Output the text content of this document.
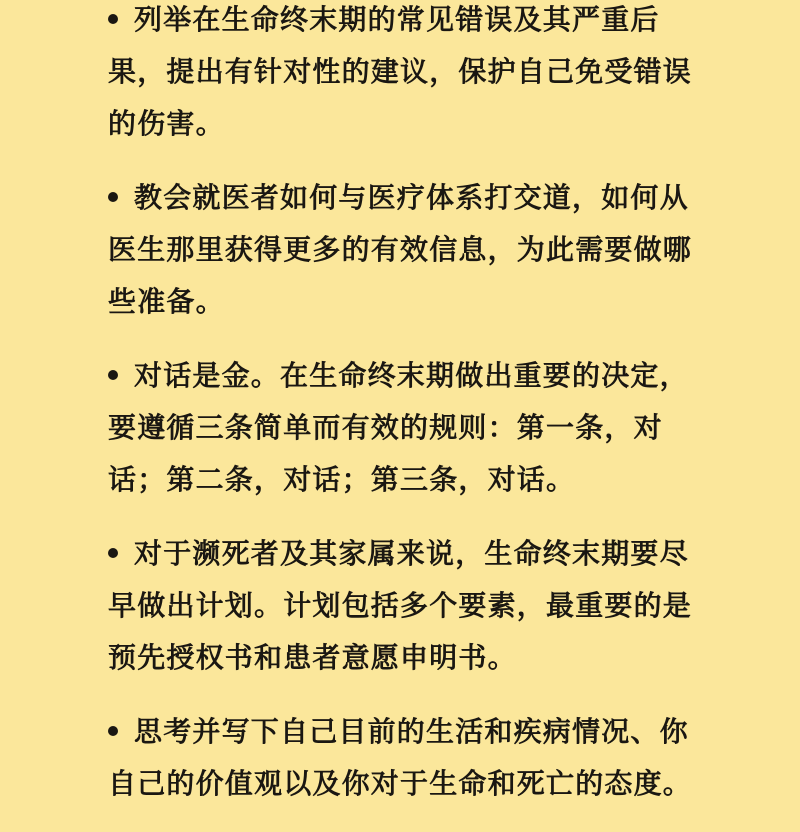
列举在生命终末期的常见错误及其严重后果，提出有针对性的建议，保护自己免受错误的伤害。
教会就医者如何与医疗体系打交道，如何从医生那里获得更多的有效信息，为此需要做哪些准备。
对话是金。在生命终末期做出重要的决定，要遵循三条简单而有效的规则：第一条，对话；第二条，对话；第三条，对话。
对于濒死者及其家属来说，生命终末期要尽早做出计划。计划包括多个要素，最重要的是预先授权书和患者意愿申明书。
思考并写下自己目前的生活和疾病情况、你自己的价值观以及你对于生命和死亡的态度。
